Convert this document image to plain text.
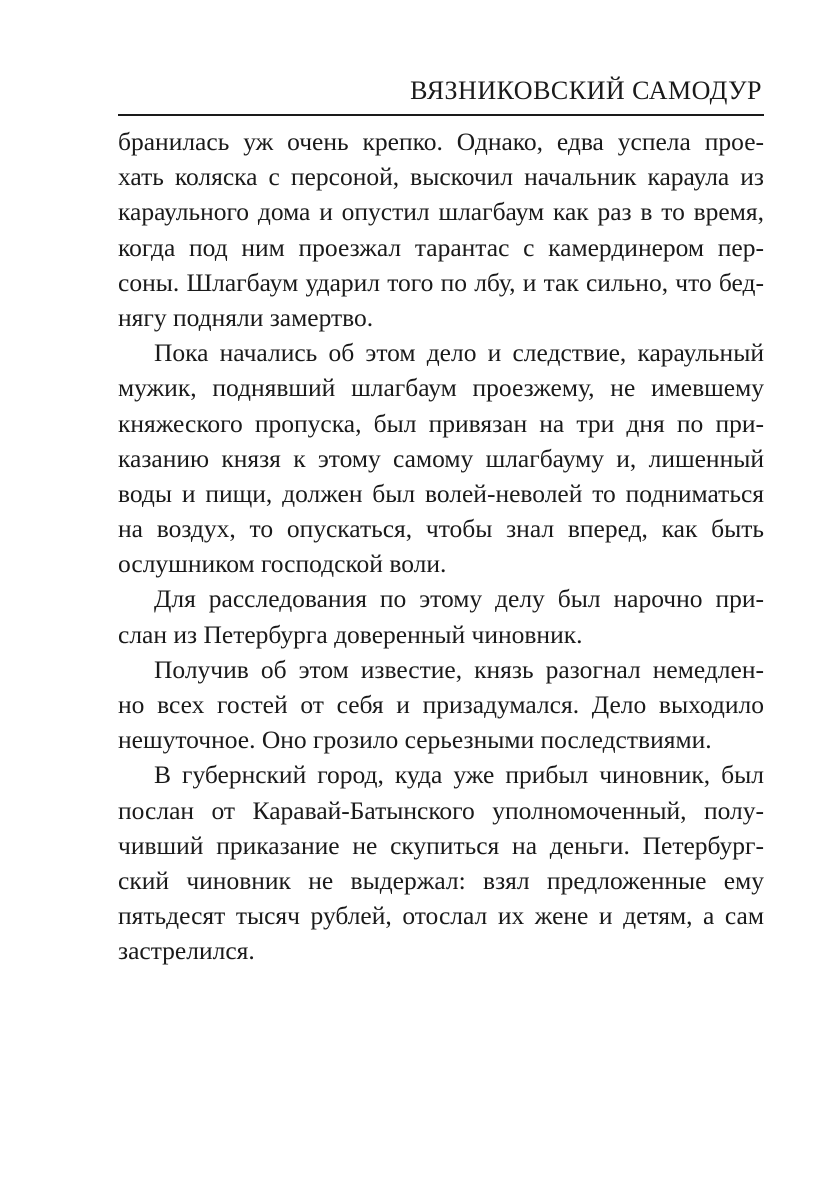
ВЯЗНИКОВСКИЙ САМОДУР
бранилась уж очень крепко. Однако, едва успела прое-
хать коляска с персоной, выскочил начальник караула из
караульного дома и опустил шлагбаум как раз в то время,
когда под ним проезжал тарантас с камердинером пер-
соны. Шлагбаум ударил того по лбу, и так сильно, что бед-
нягу подняли замертво.
Пока начались об этом дело и следствие, караульный
мужик, поднявший шлагбаум проезжему, не имевшему
княжеского пропуска, был привязан на три дня по при-
казанию князя к этому самому шлагбауму и, лишенный
воды и пищи, должен был волей-неволей то подниматься
на воздух, то опускаться, чтобы знал вперед, как быть
ослушником господской воли.
Для расследования по этому делу был нарочно при-
слан из Петербурга доверенный чиновник.
Получив об этом известие, князь разогнал немедлен-
но всех гостей от себя и призадумался. Дело выходило
нешуточное. Оно грозило серьезными последствиями.
В губернский город, куда уже прибыл чиновник, был
послан от Каравай-Батынского уполномоченный, полу-
чивший приказание не скупиться на деньги. Петербург-
ский чиновник не выдержал: взял предложенные ему
пятьдесят тысяч рублей, отослал их жене и детям, а сам
застрелился.
